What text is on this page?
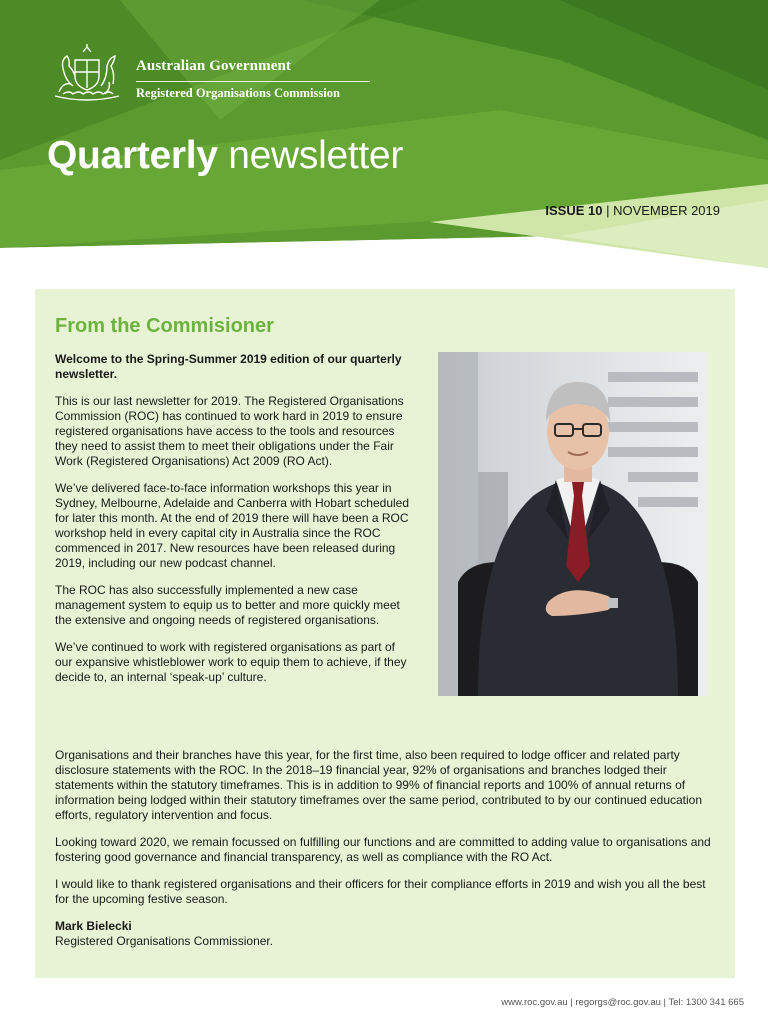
Australian Government
Registered Organisations Commission
Quarterly newsletter
ISSUE 10 | NOVEMBER 2019
From the Commisioner

Welcome to the Spring-Summer 2019 edition of our quarterly newsletter.

This is our last newsletter for 2019. The Registered Organisations Commission (ROC) has continued to work hard in 2019 to ensure registered organisations have access to the tools and resources they need to assist them to meet their obligations under the Fair Work (Registered Organisations) Act 2009 (RO Act).

We’ve delivered face-to-face information workshops this year in Sydney, Melbourne, Adelaide and Canberra with Hobart scheduled for later this month. At the end of 2019 there will have been a ROC workshop held in every capital city in Australia since the ROC commenced in 2017. New resources have been released during 2019, including our new podcast channel.

The ROC has also successfully implemented a new case management system to equip us to better and more quickly meet the extensive and ongoing needs of registered organisations.

We’ve continued to work with registered organisations as part of our expansive whistleblower work to equip them to achieve, if they decide to, an internal ‘speak-up’ culture.

Organisations and their branches have this year, for the first time, also been required to lodge officer and related party disclosure statements with the ROC. In the 2018–19 financial year, 92% of organisations and branches lodged their statements within the statutory timeframes. This is in addition to 99% of financial reports and 100% of annual returns of information being lodged within their statutory timeframes over the same period, contributed to by our continued education efforts, regulatory intervention and focus.

Looking toward 2020, we remain focussed on fulfilling our functions and are committed to adding value to organisations and fostering good governance and financial transparency, as well as compliance with the RO Act.

I would like to thank registered organisations and their officers for their compliance efforts in 2019 and wish you all the best for the upcoming festive season.

Mark Bielecki
Registered Organisations Commissioner.
www.roc.gov.au | regorgs@roc.gov.au | Tel: 1300 341 665
